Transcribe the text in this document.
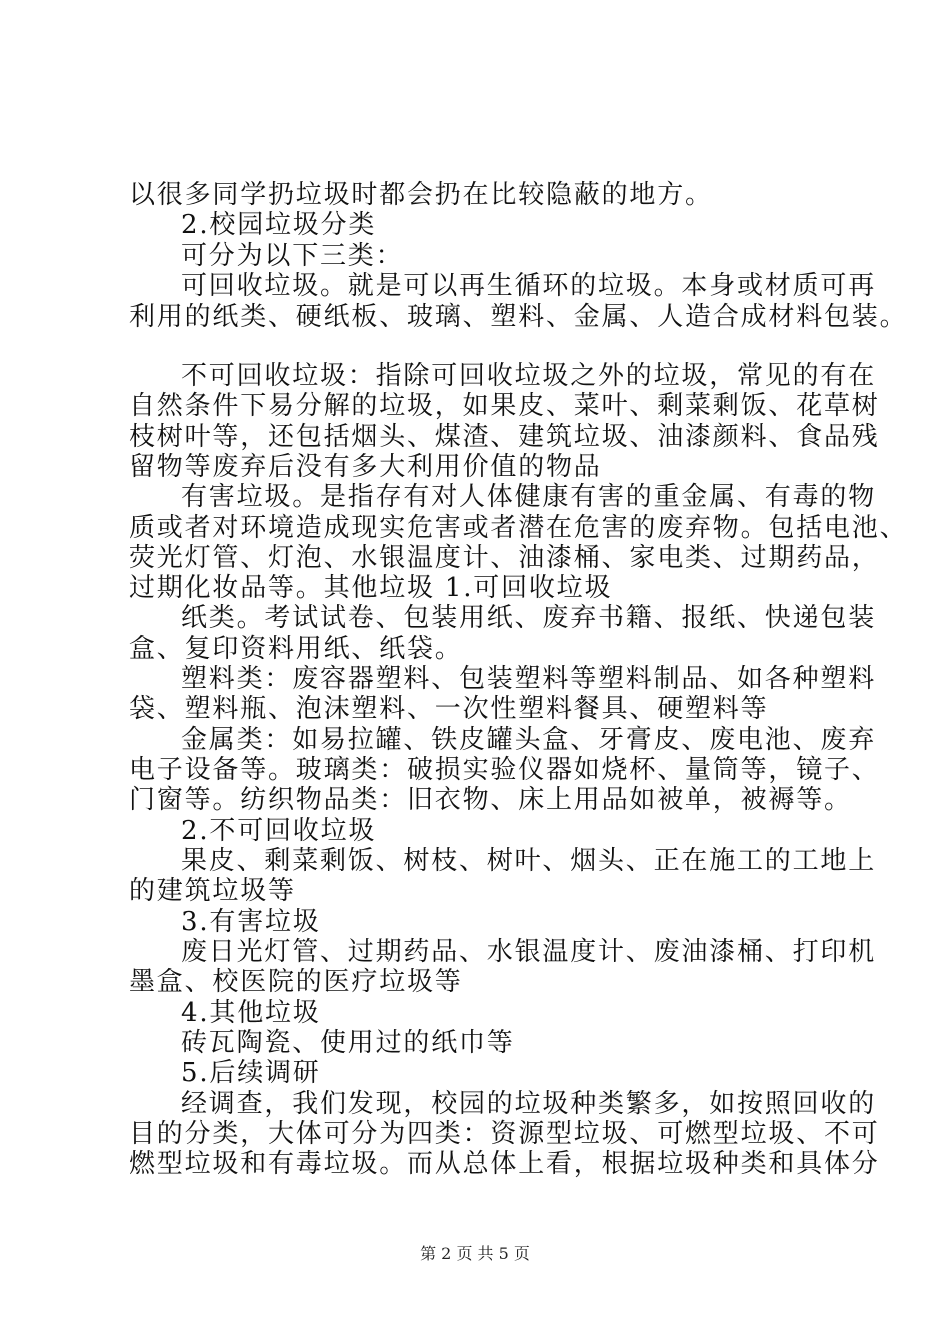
以很多同学扔垃圾时都会扔在比较隐蔽的地方。
2.校园垃圾分类
可分为以下三类：
可回收垃圾。就是可以再生循环的垃圾。本身或材质可再
利用的纸类、硬纸板、玻璃、塑料、金属、人造合成材料包装。
不可回收垃圾：指除可回收垃圾之外的垃圾，常见的有在
自然条件下易分解的垃圾，如果皮、菜叶、剩菜剩饭、花草树
枝树叶等，还包括烟头、煤渣、建筑垃圾、油漆颜料、食品残
留物等废弃后没有多大利用价值的物品
有害垃圾。是指存有对人体健康有害的重金属、有毒的物
质或者对环境造成现实危害或者潜在危害的废弃物。包括电池、
荧光灯管、灯泡、水银温度计、油漆桶、家电类、过期药品，
过期化妆品等。其他垃圾 1.可回收垃圾
纸类。考试试卷、包装用纸、废弃书籍、报纸、快递包装
盒、复印资料用纸、纸袋。
塑料类：废容器塑料、包装塑料等塑料制品、如各种塑料
袋、塑料瓶、泡沫塑料、一次性塑料餐具、硬塑料等
金属类：如易拉罐、铁皮罐头盒、牙膏皮、废电池、废弃
电子设备等。玻璃类：破损实验仪器如烧杯、量筒等，镜子、
门窗等。纺织物品类：旧衣物、床上用品如被单，被褥等。
2.不可回收垃圾
果皮、剩菜剩饭、树枝、树叶、烟头、正在施工的工地上
的建筑垃圾等
3.有害垃圾
废日光灯管、过期药品、水银温度计、废油漆桶、打印机
墨盒、校医院的医疗垃圾等
4.其他垃圾
砖瓦陶瓷、使用过的纸巾等
5.后续调研
经调查，我们发现，校园的垃圾种类繁多，如按照回收的
目的分类，大体可分为四类：资源型垃圾、可燃型垃圾、不可
燃型垃圾和有毒垃圾。而从总体上看，根据垃圾种类和具体分
第 2 页 共 5 页
